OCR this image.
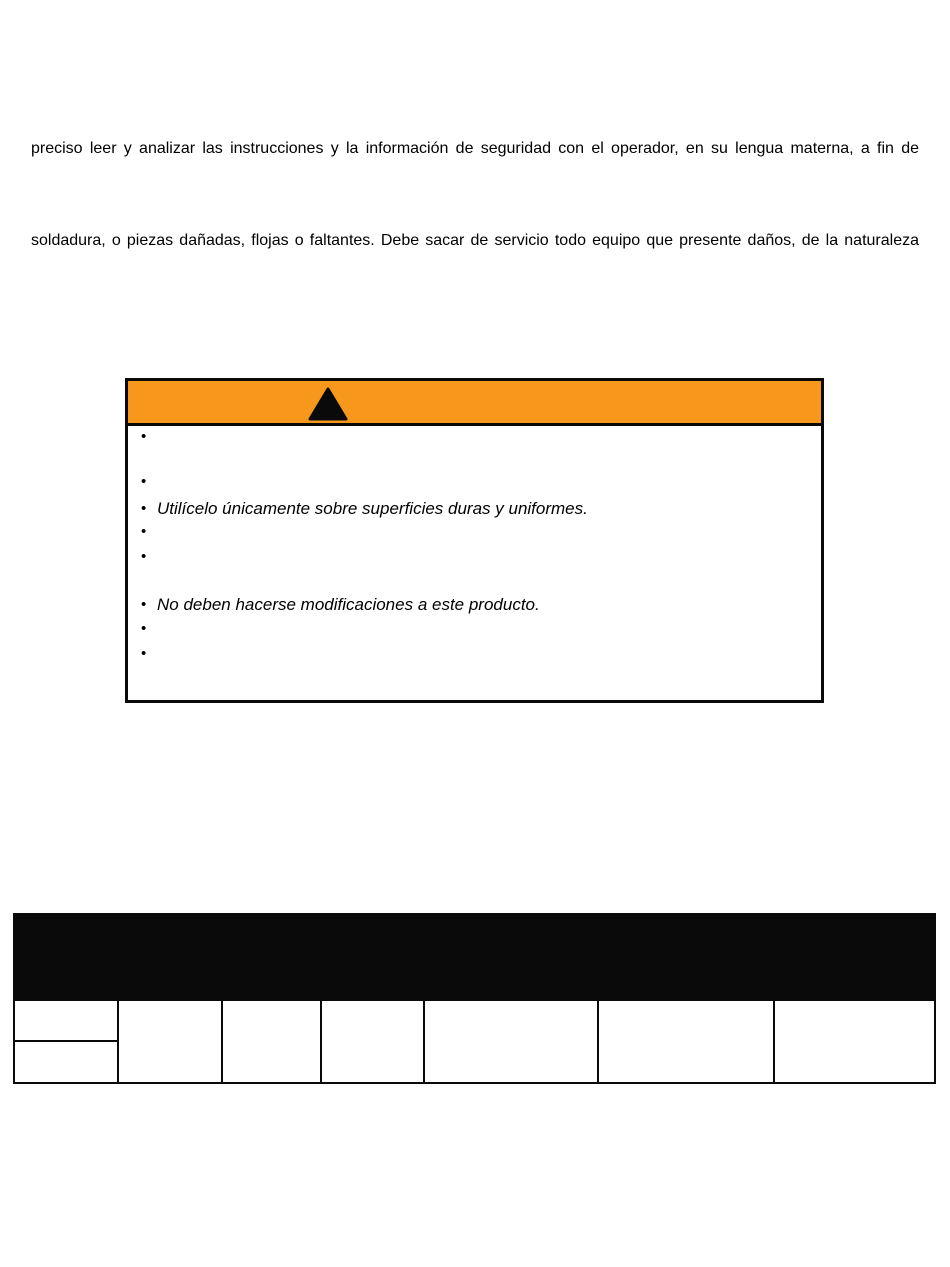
preciso leer y analizar las instrucciones y la información de seguridad con el operador, en su lengua materna, a fin de
soldadura, o piezas dañadas, flojas o faltantes. Debe sacar de servicio todo equipo que presente daños, de la naturaleza
•
•
• Utilícelo únicamente sobre superficies duras y uniformes.
•
•
• No deben hacerse modificaciones a este producto.
•
•
